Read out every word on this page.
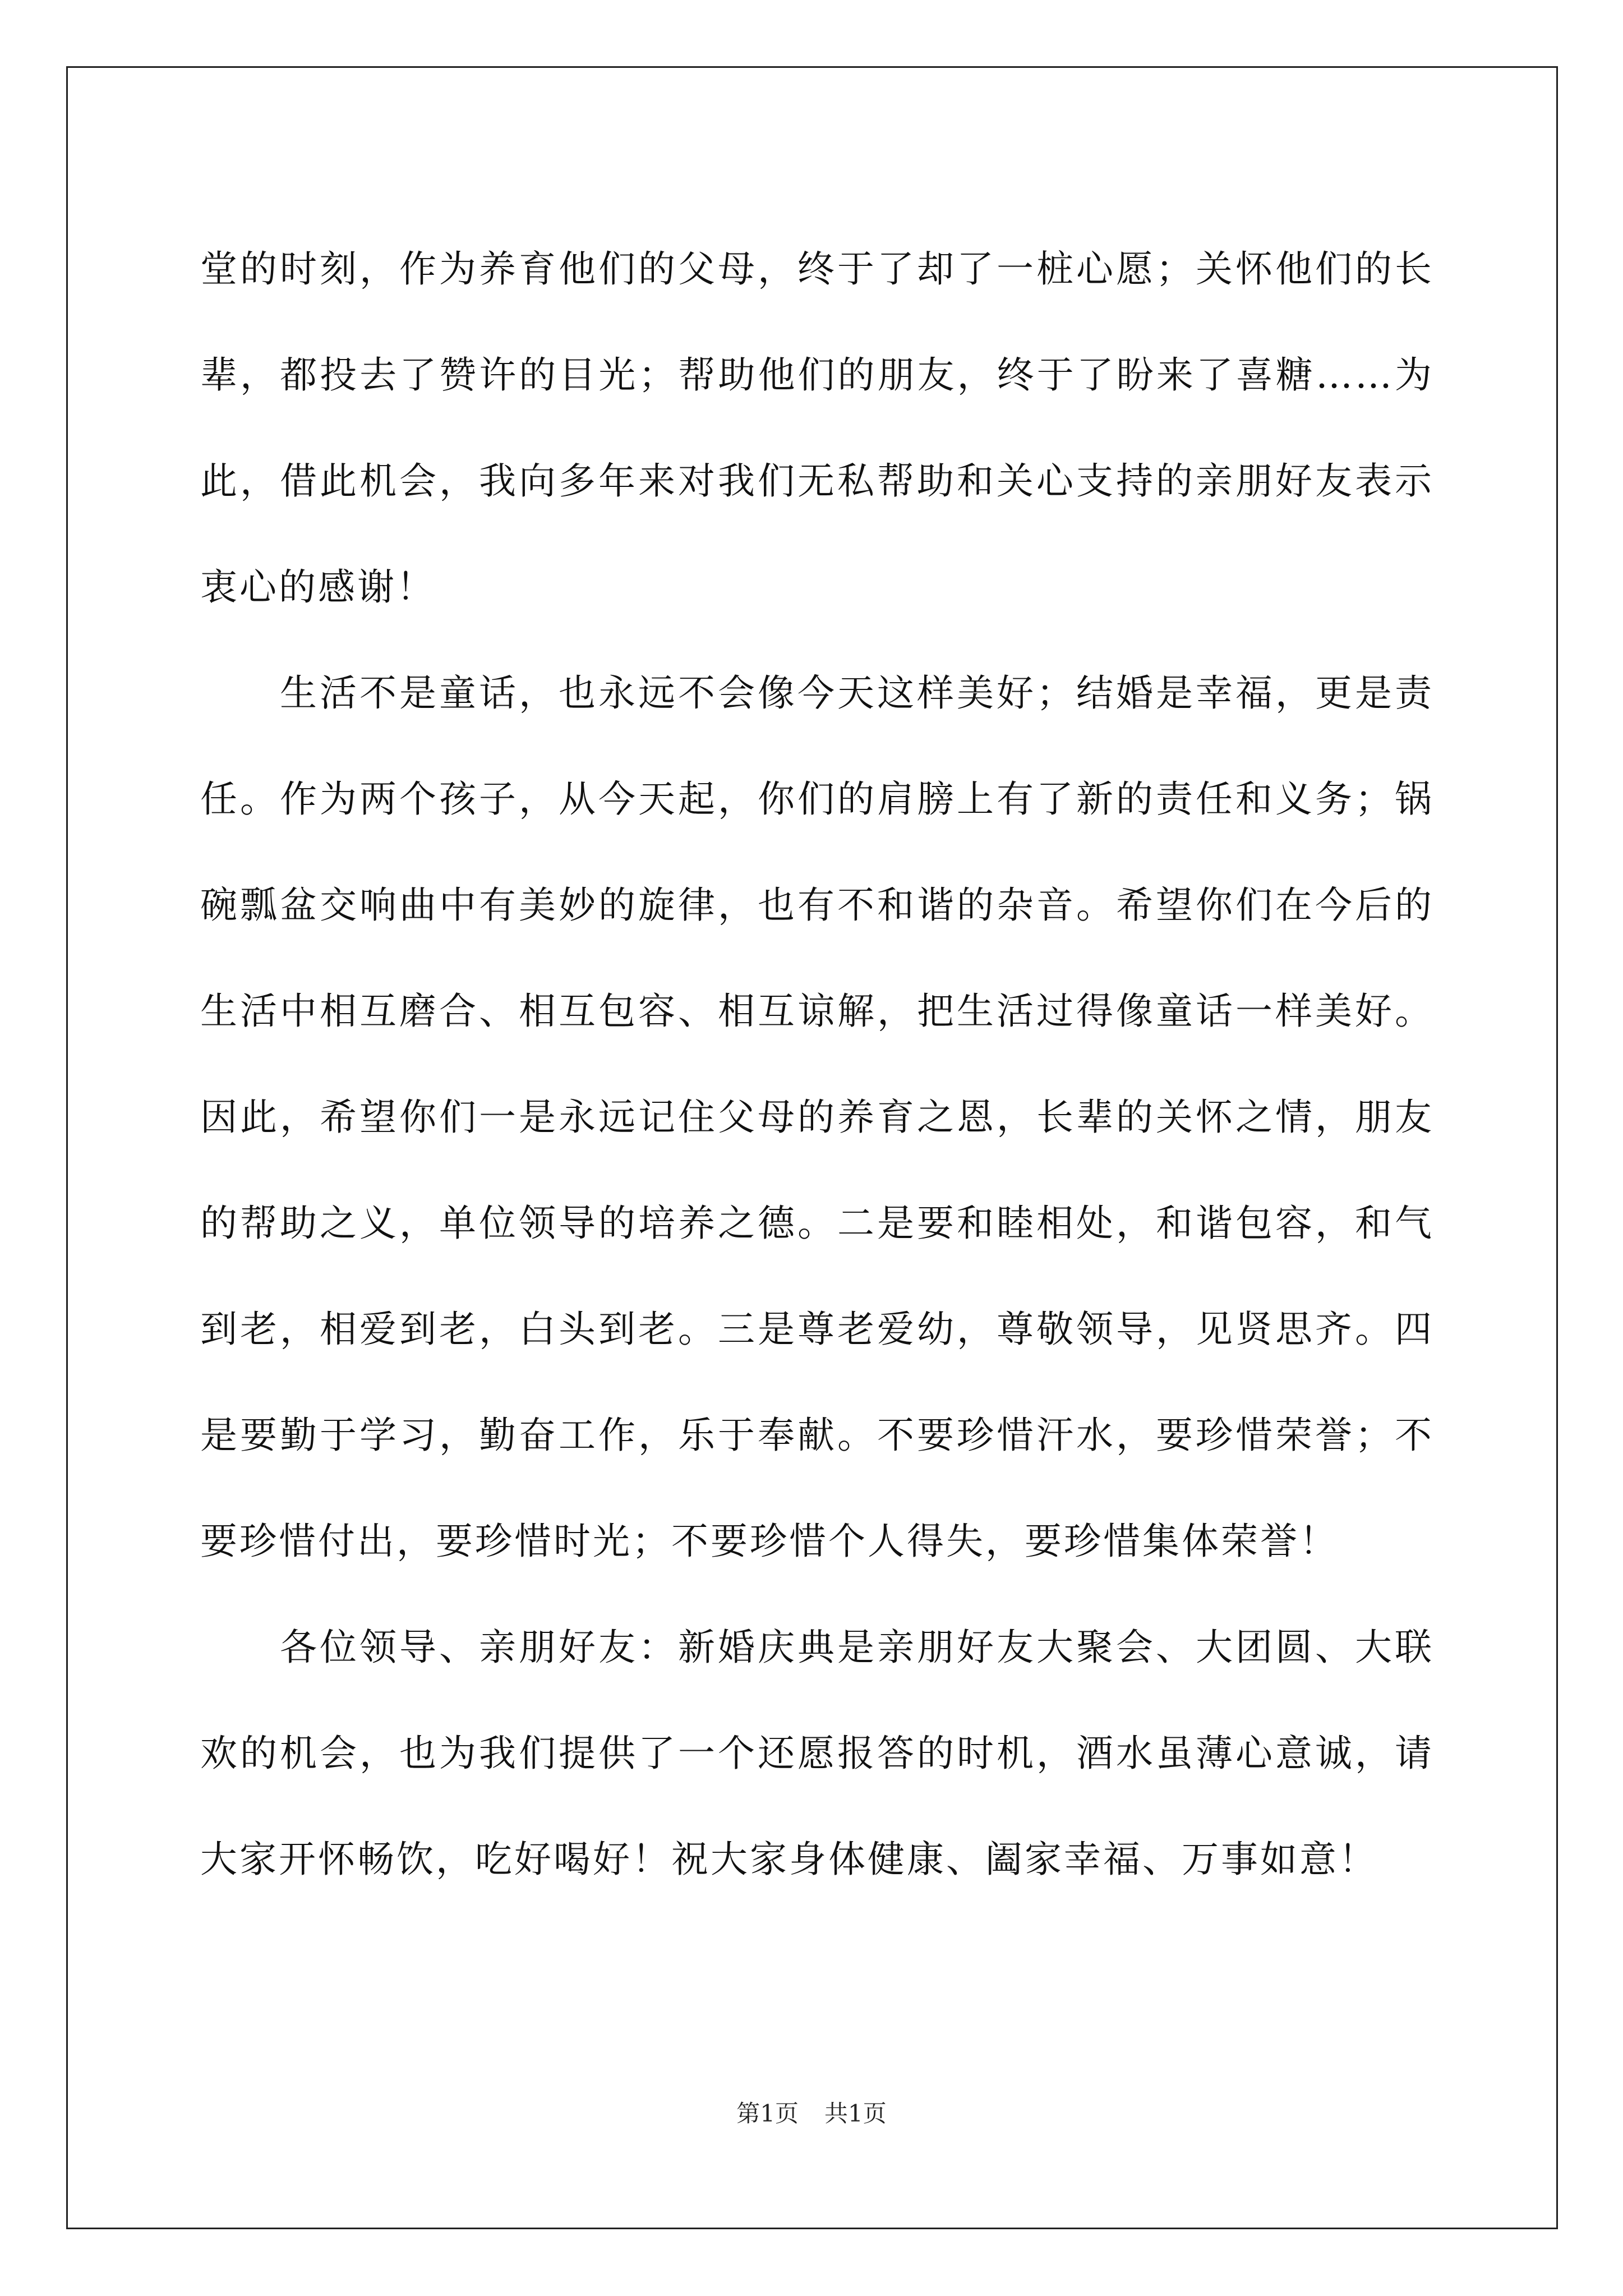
堂的时刻，作为养育他们的父母，终于了却了一桩心愿；关怀他们的长辈，都投去了赞许的目光；帮助他们的朋友，终于了盼来了喜糖……为此，借此机会，我向多年来对我们无私帮助和关心支持的亲朋好友表示衷心的感谢！

生活不是童话，也永远不会像今天这样美好；结婚是幸福，更是责任。作为两个孩子，从今天起，你们的肩膀上有了新的责任和义务；锅碗瓢盆交响曲中有美妙的旋律，也有不和谐的杂音。希望你们在今后的生活中相互磨合、相互包容、相互谅解，把生活过得像童话一样美好。因此，希望你们一是永远记住父母的养育之恩，长辈的关怀之情，朋友的帮助之义，单位领导的培养之德。二是要和睦相处，和谐包容，和气到老，相爱到老，白头到老。三是尊老爱幼，尊敬领导，见贤思齐。四是要勤于学习，勤奋工作，乐于奉献。不要珍惜汗水，要珍惜荣誉；不要珍惜付出，要珍惜时光；不要珍惜个人得失，要珍惜集体荣誉！

各位领导、亲朋好友：新婚庆典是亲朋好友大聚会、大团圆、大联欢的机会，也为我们提供了一个还愿报答的时机，酒水虽薄心意诚，请大家开怀畅饮，吃好喝好！祝大家身体健康、阖家幸福、万事如意！

第1页 共1页
